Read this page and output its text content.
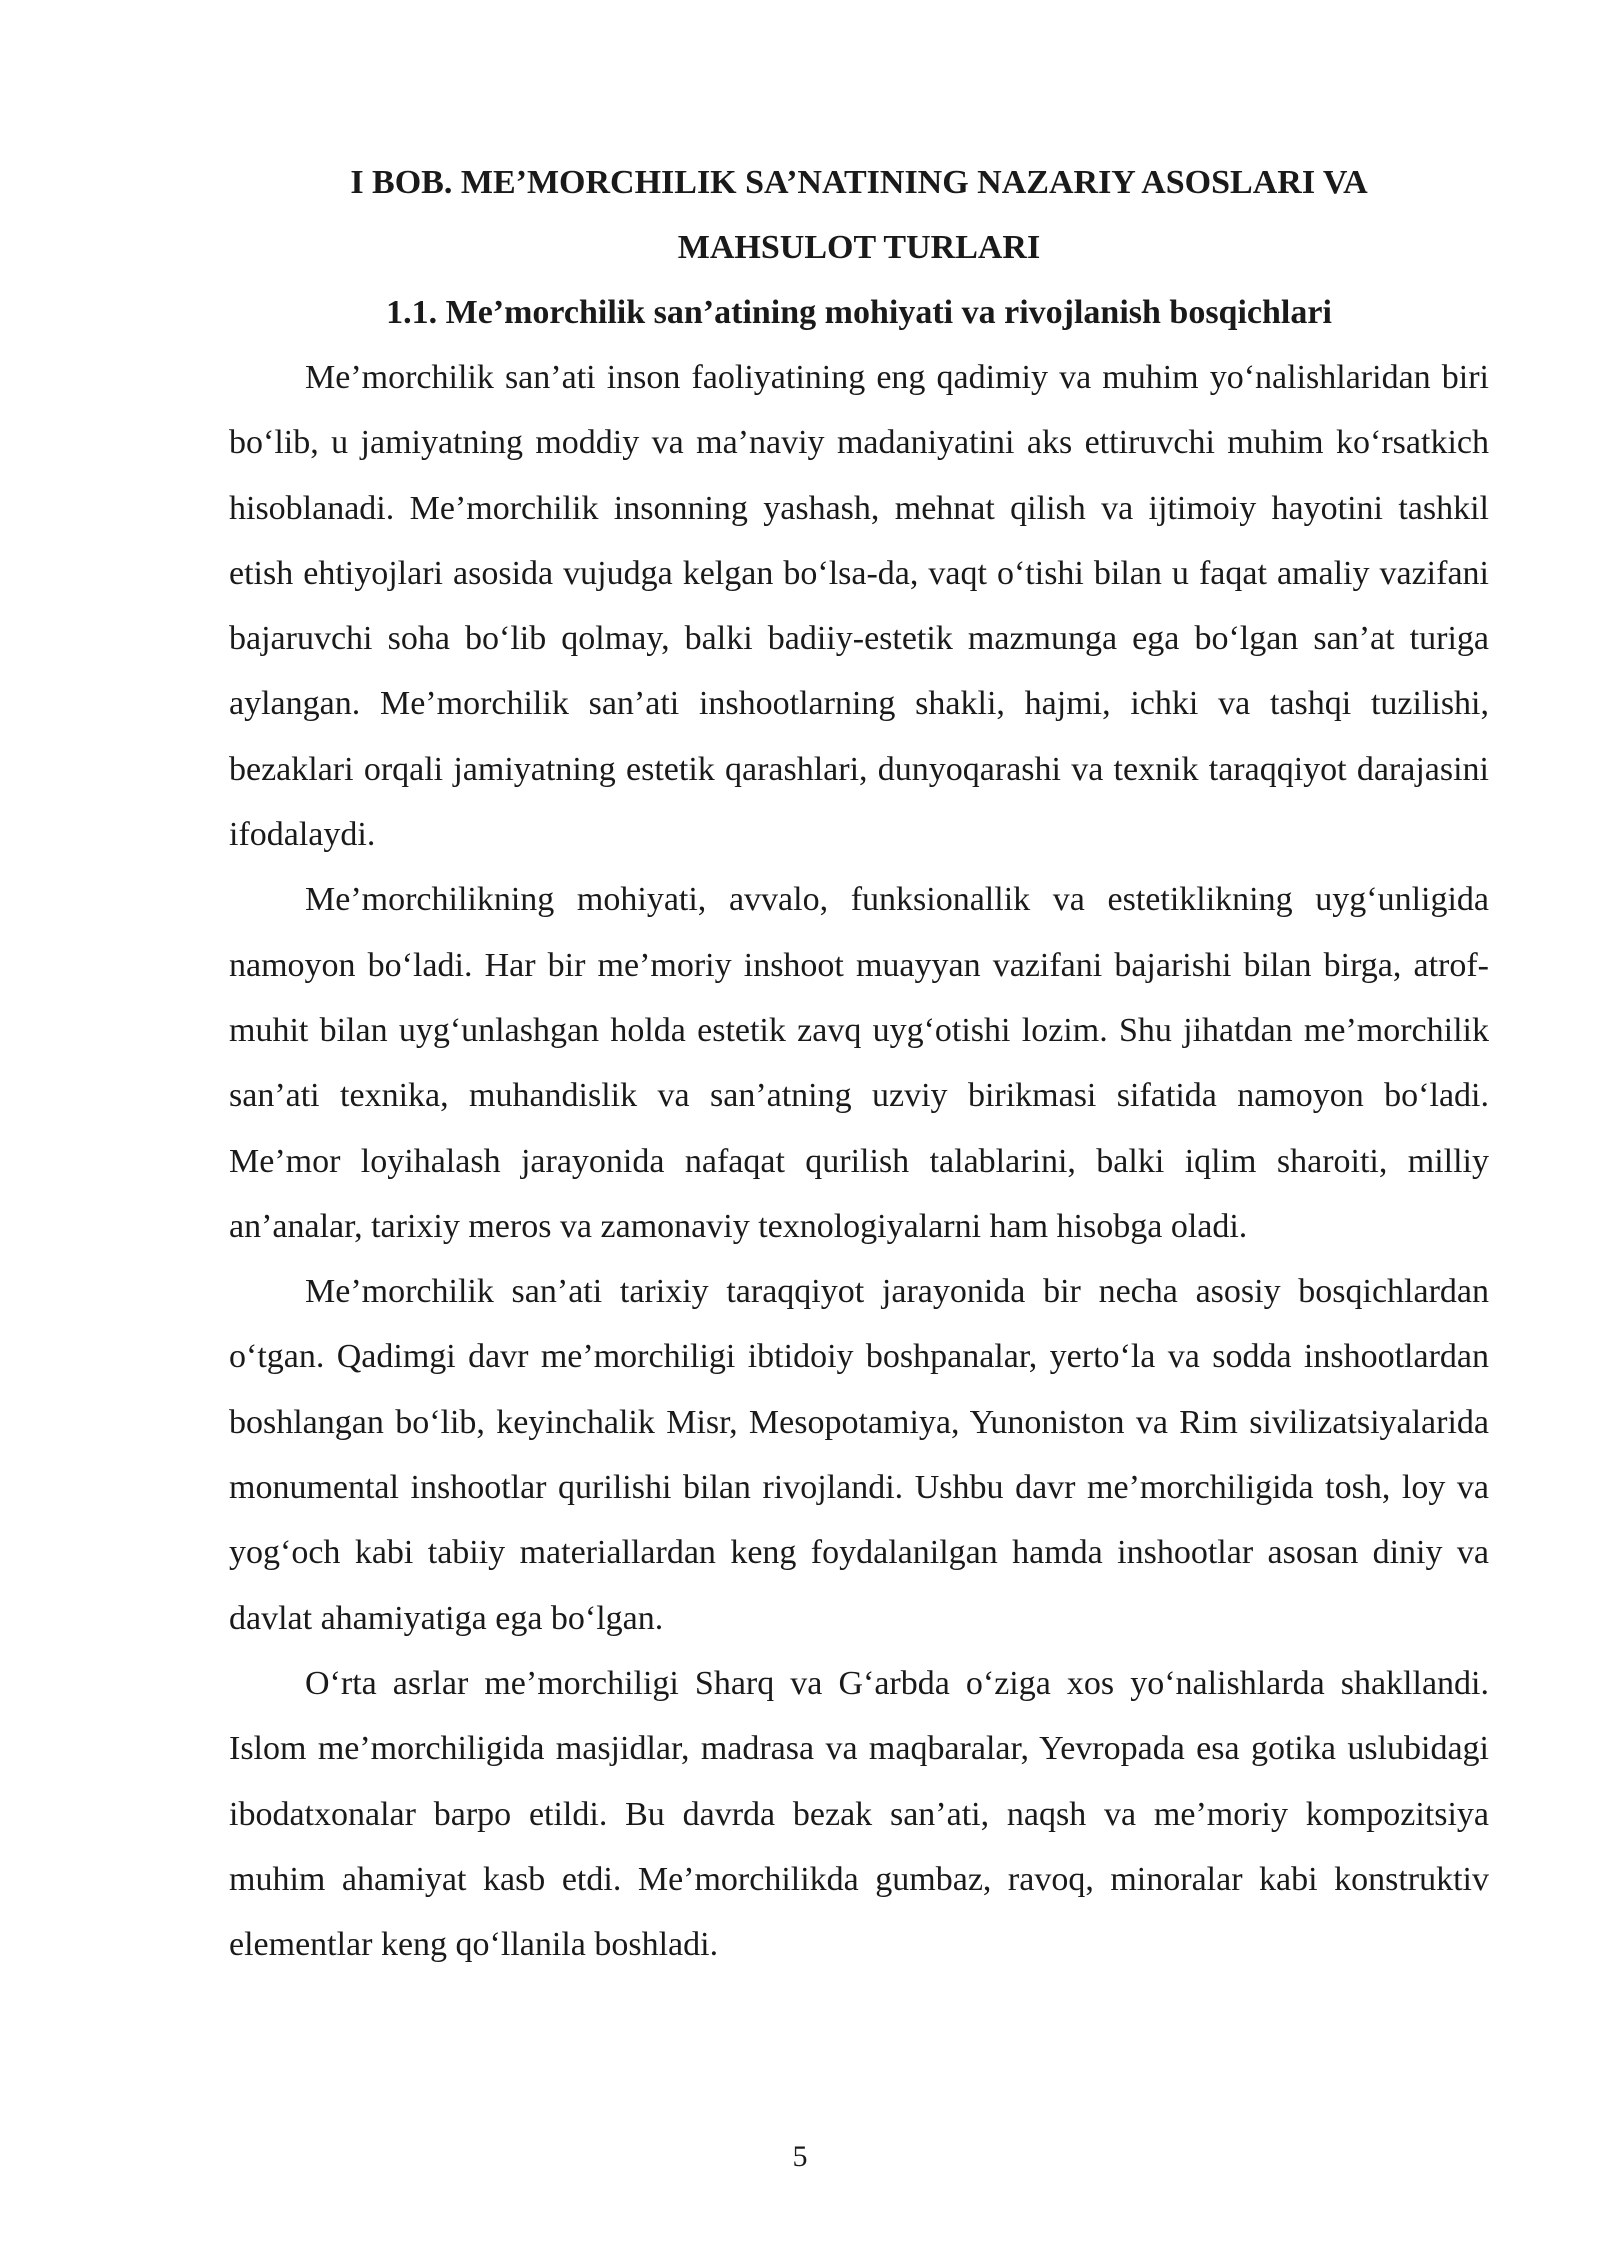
I BOB. ME’MORCHILIK SA’NATINING NAZARIY ASOSLARI VA

MAHSULOT TURLARI

1.1. Me’morchilik san’atining mohiyati va rivojlanish bosqichlari

Me’morchilik san’ati inson faoliyatining eng qadimiy va muhim yo‘nalishlaridan biri bo‘lib, u jamiyatning moddiy va ma’naviy madaniyatini aks ettiruvchi muhim ko‘rsatkich hisoblanadi. Me’morchilik insonning yashash, mehnat qilish va ijtimoiy hayotini tashkil etish ehtiyojlari asosida vujudga kelgan bo‘lsa-da, vaqt o‘tishi bilan u faqat amaliy vazifani bajaruvchi soha bo‘lib qolmay, balki badiiy-estetik mazmunga ega bo‘lgan san’at turiga aylangan. Me’morchilik san’ati inshootlarning shakli, hajmi, ichki va tashqi tuzilishi, bezaklari orqali jamiyatning estetik qarashlari, dunyoqarashi va texnik taraqqiyot darajasini ifodalaydi.

Me’morchilikning mohiyati, avvalo, funksionallik va estetiklikning uyg‘unligida namoyon bo‘ladi. Har bir me’moriy inshoot muayyan vazifani bajarishi bilan birga, atrof-muhit bilan uyg‘unlashgan holda estetik zavq uyg‘otishi lozim. Shu jihatdan me’morchilik san’ati texnika, muhandislik va san’atning uzviy birikmasi sifatida namoyon bo‘ladi. Me’mor loyihalash jarayonida nafaqat qurilish talablarini, balki iqlim sharoiti, milliy an’analar, tarixiy meros va zamonaviy texnologiyalarni ham hisobga oladi.

Me’morchilik san’ati tarixiy taraqqiyot jarayonida bir necha asosiy bosqichlardan o‘tgan. Qadimgi davr me’morchiligi ibtidoiy boshpanalar, yerto‘la va sodda inshootlardan boshlangan bo‘lib, keyinchalik Misr, Mesopotamiya, Yunoniston va Rim sivilizatsiyalarida monumental inshootlar qurilishi bilan rivojlandi. Ushbu davr me’morchiligida tosh, loy va yog‘och kabi tabiiy materiallardan keng foydalanilgan hamda inshootlar asosan diniy va davlat ahamiyatiga ega bo‘lgan.

O‘rta asrlar me’morchiligi Sharq va G‘arbda o‘ziga xos yo‘nalishlarda shakllandi. Islom me’morchiligida masjidlar, madrasa va maqbaralar, Yevropada esa gotika uslubidagi ibodatxonalar barpo etildi. Bu davrda bezak san’ati, naqsh va me’moriy kompozitsiya muhim ahamiyat kasb etdi. Me’morchilikda gumbaz, ravoq, minoralar kabi konstruktiv elementlar keng qo‘llanila boshladi.

5
